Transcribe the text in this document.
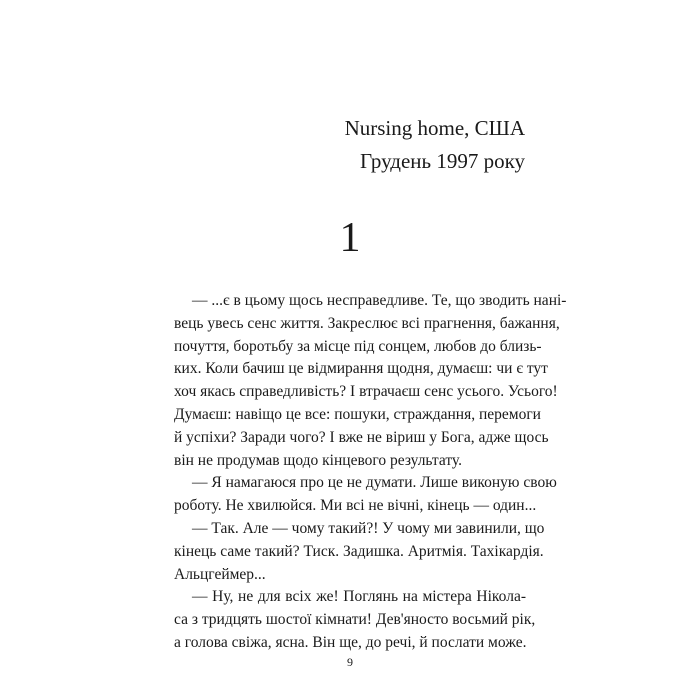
Nursing home, США
Грудень 1997 року
1
— ...є в цьому щось несправедливе. Те, що зводить нані-
вець увесь сенс життя. Закреслює всі прагнення, бажання,
почуття, боротьбу за місце під сонцем, любов до близь-
ких. Коли бачиш це відмирання щодня, думаєш: чи є тут
хоч якась справедливість? І втрачаєш сенс усього. Усього!
Думаєш: навіщо це все: пошуки, страждання, перемоги
й успіхи? Заради чого? І вже не віриш у Бога, адже щось
він не продумав щодо кінцевого результату.
— Я намагаюся про це не думати. Лише виконую свою
роботу. Не хвилюйся. Ми всі не вічні, кінець — один...
— Так. Але — чому такий?! У чому ми завинили, що
кінець саме такий? Тиск. Задишка. Аритмія. Тахікардія.
Альцгеймер...
— Ну, не для всіх же! Поглянь на містера Ніколa-
са з тридцять шостої кімнати! Дев'яносто восьмий рік,
а голова свіжа, ясна. Він ще, до речі, й послати може.
9
